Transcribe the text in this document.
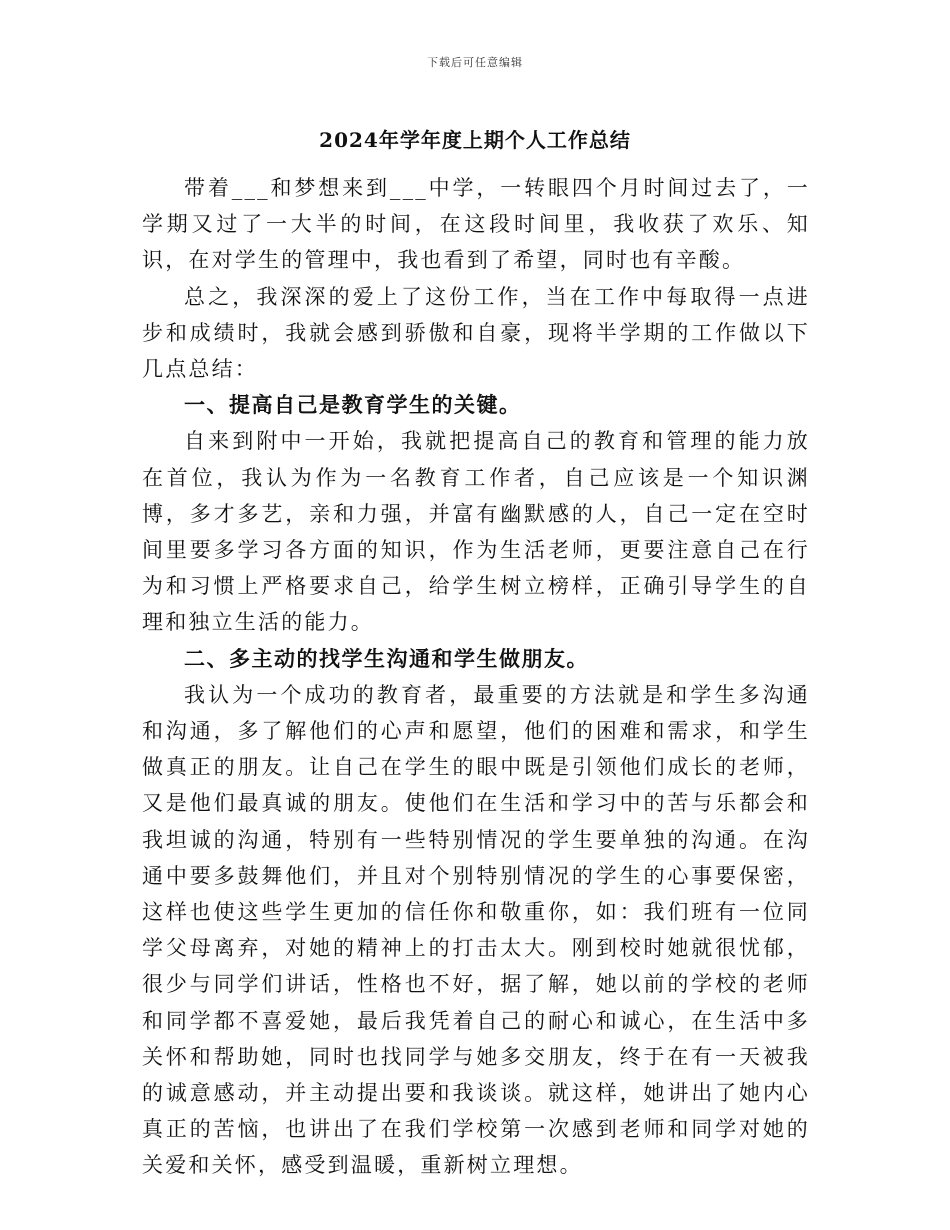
下载后可任意编辑
2024年学年度上期个人工作总结

带着___和梦想来到___中学，一转眼四个月时间过去了，一学期又过了一大半的时间，在这段时间里，我收获了欢乐、知识，在对学生的管理中，我也看到了希望，同时也有辛酸。

总之，我深深的爱上了这份工作，当在工作中每取得一点进步和成绩时，我就会感到骄傲和自豪，现将半学期的工作做以下几点总结：

一、提高自己是教育学生的关键。

自来到附中一开始，我就把提高自己的教育和管理的能力放在首位，我认为作为一名教育工作者，自己应该是一个知识渊博，多才多艺，亲和力强，并富有幽默感的人，自己一定在空时间里要多学习各方面的知识，作为生活老师，更要注意自己在行为和习惯上严格要求自己，给学生树立榜样，正确引导学生的自理和独立生活的能力。

二、多主动的找学生沟通和学生做朋友。

我认为一个成功的教育者，最重要的方法就是和学生多沟通和沟通，多了解他们的心声和愿望，他们的困难和需求，和学生做真正的朋友。让自己在学生的眼中既是引领他们成长的老师，又是他们最真诚的朋友。使他们在生活和学习中的苦与乐都会和我坦诚的沟通，特别有一些特别情况的学生要单独的沟通。在沟通中要多鼓舞他们，并且对个别特别情况的学生的心事要保密，这样也使这些学生更加的信任你和敬重你，如：我们班有一位同学父母离弃，对她的精神上的打击太大。刚到校时她就很忧郁，很少与同学们讲话，性格也不好，据了解，她以前的学校的老师和同学都不喜爱她，最后我凭着自己的耐心和诚心，在生活中多关怀和帮助她，同时也找同学与她多交朋友，终于在有一天被我的诚意感动，并主动提出要和我谈谈。就这样，她讲出了她内心真正的苦恼，也讲出了在我们学校第一次感到老师和同学对她的关爱和关怀，感受到温暖，重新树立理想。
